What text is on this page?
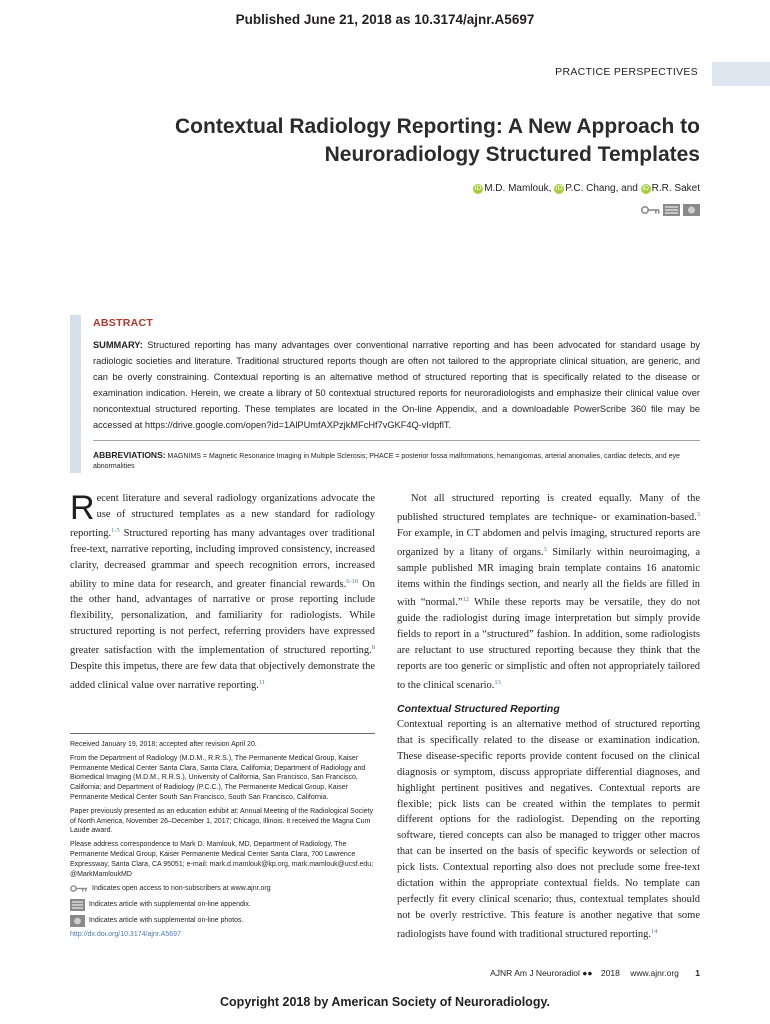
Published June 21, 2018 as 10.3174/ajnr.A5697
PRACTICE PERSPECTIVES
Contextual Radiology Reporting: A New Approach to
Neuroradiology Structured Templates
iD M.D. Mamlouk, iD P.C. Chang, and iD R.R. Saket
ABSTRACT
SUMMARY: Structured reporting has many advantages over conventional narrative reporting and has been advocated for standard usage by radiologic societies and literature. Traditional structured reports though are often not tailored to the appropriate clinical situation, are generic, and can be overly constraining. Contextual reporting is an alternative method of structured reporting that is specifically related to the disease or examination indication. Herein, we create a library of 50 contextual structured reports for neuroradiologists and emphasize their clinical value over noncontextual structured reporting. These templates are located in the On-line Appendix, and a downloadable PowerScribe 360 file may be accessed at https://drive.google.com/open?id=1AlPUmfAXPzjkMFcHf7vGKF4Q-vIdpflT.
ABBREVIATIONS: MAGNIMS = Magnetic Resonance Imaging in Multiple Sclerosis; PHACE = posterior fossa malformations, hemangiomas, arterial anomalies, cardiac defects, and eye abnormalities
Recent literature and several radiology organizations advocate the use of structured templates as a new standard for radiology reporting.$^{1-5}$ Structured reporting has many advantages over traditional free-text, narrative reporting, including improved consistency, increased clarity, decreased grammar and speech recognition errors, increased ability to mine data for research, and greater financial rewards.$^{6-10}$ On the other hand, advantages of narrative or prose reporting include flexibility, personalization, and familiarity for radiologists. While structured reporting is not perfect, referring providers have expressed greater satisfaction with the implementation of structured reporting.$^8$ Despite this impetus, there are few data that objectively demonstrate the added clinical value over narrative reporting.$^{11}$
Not all structured reporting is created equally. Many of the published structured templates are technique- or examination-based.$^3$ For example, in CT abdomen and pelvis imaging, structured reports are organized by a litany of organs.$^3$ Similarly within neuroimaging, a sample published MR imaging brain template contains 16 anatomic items within the findings section, and nearly all the fields are filled in with “normal.”$^{12}$ While these reports may be versatile, they do not guide the radiologist during image interpretation but simply provide fields to report in a “structured” fashion. In addition, some radiologists are reluctant to use structured reporting because they think that the reports are too generic or simplistic and often not appropriately tailored to the clinical scenario.$^{13}$
Contextual Structured Reporting
Contextual reporting is an alternative method of structured reporting that is specifically related to the disease or examination indication. These disease-specific reports provide content focused on the clinical diagnosis or symptom, discuss appropriate differential diagnoses, and highlight pertinent positives and negatives. Contextual reports are flexible; pick lists can be created within the templates to permit different options for the radiologist. Depending on the reporting software, tiered concepts can also be managed to trigger other macros that can be inserted on the basis of specific keywords or selection of pick lists. Contextual reporting also does not preclude some free-text dictation within the appropriate contextual fields. No template can perfectly fit every clinical scenario; thus, contextual templates should not be overly restrictive. This feature is another negative that some radiologists have found with traditional structured reporting.$^{14}$

Received January 19, 2018; accepted after revision April 20.

From the Department of Radiology (M.D.M., R.R.S.), The Permanente Medical Group, Kaiser Permanente Medical Center Santa Clara, Santa Clara, California; Department of Radiology and Biomedical Imaging (M.D.M., R.R.S.), University of California, San Francisco, San Francisco, California; and Department of Radiology (P.C.C.), The Permanente Medical Group, Kaiser Permanente Medical Center South San Francisco, South San Francisco, California.

Paper previously presented as an education exhibit at: Annual Meeting of the Radiological Society of North America, November 26–December 1, 2017; Chicago, Illinois. It received the Magna Cum Laude award.

Please address correspondence to Mark D. Mamlouk, MD, Department of Radiology, The Permanente Medical Group, Kaiser Permanente Medical Center Santa Clara, 700 Lawrence Expressway, Santa Clara, CA 95051; e-mail: mark.d.mamlouk@kp.org, mark.mamlouk@ucsf.edu; @MarkMamloukMD

Indicates open access to non-subscribers at www.ajnr.org
Indicates article with supplemental on-line appendix.
Indicates article with supplemental on-line photos.
http://dx.doi.org/10.3174/ajnr.A5697
AJNR Am J Neuroradiol ●● 2018 www.ajnr.org 1
Copyright 2018 by American Society of Neuroradiology.
